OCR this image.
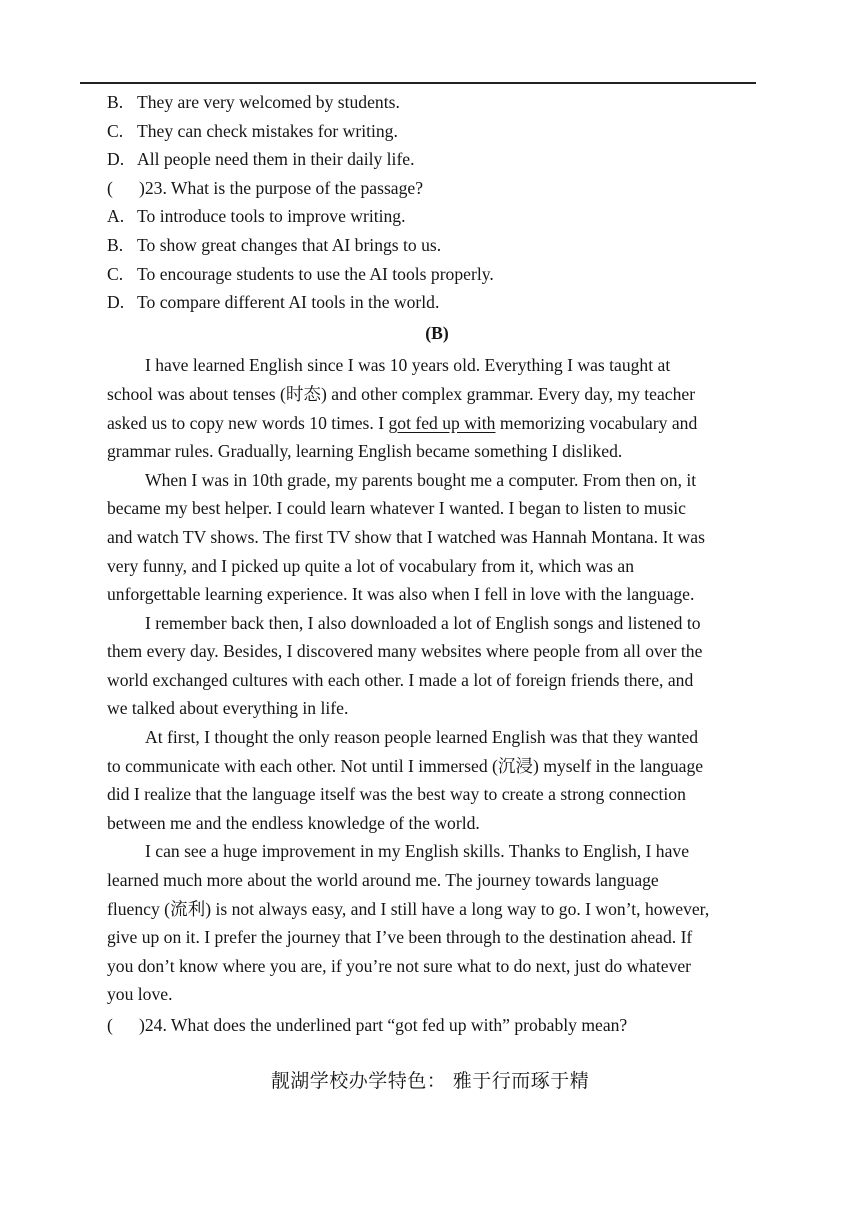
B. They are very welcomed by students.
C. They can check mistakes for writing.
D. All people need them in their daily life.
( )23. What is the purpose of the passage?
A. To introduce tools to improve writing.
B. To show great changes that AI brings to us.
C. To encourage students to use the AI tools properly.
D. To compare different AI tools in the world.
(B)
I have learned English since I was 10 years old. Everything I was taught at
school was about tenses (时态) and other complex grammar. Every day, my teacher
asked us to copy new words 10 times. I got fed up with memorizing vocabulary and
grammar rules. Gradually, learning English became something I disliked.
When I was in 10th grade, my parents bought me a computer. From then on, it
became my best helper. I could learn whatever I wanted. I began to listen to music
and watch TV shows. The first TV show that I watched was Hannah Montana. It was
very funny, and I picked up quite a lot of vocabulary from it, which was an
unforgettable learning experience. It was also when I fell in love with the language.
I remember back then, I also downloaded a lot of English songs and listened to
them every day. Besides, I discovered many websites where people from all over the
world exchanged cultures with each other. I made a lot of foreign friends there, and
we talked about everything in life.
At first, I thought the only reason people learned English was that they wanted
to communicate with each other. Not until I immersed (沉浸) myself in the language
did I realize that the language itself was the best way to create a strong connection
between me and the endless knowledge of the world.
I can see a huge improvement in my English skills. Thanks to English, I have
learned much more about the world around me. The journey towards language
fluency (流利) is not always easy, and I still have a long way to go. I won’t, however,
give up on it. I prefer the journey that I’ve been through to the destination ahead. If
you don’t know where you are, if you’re not sure what to do next, just do whatever
you love.
( )24. What does the underlined part “got fed up with” probably mean?
靓湖学校办学特色： 雅于行而琢于精
